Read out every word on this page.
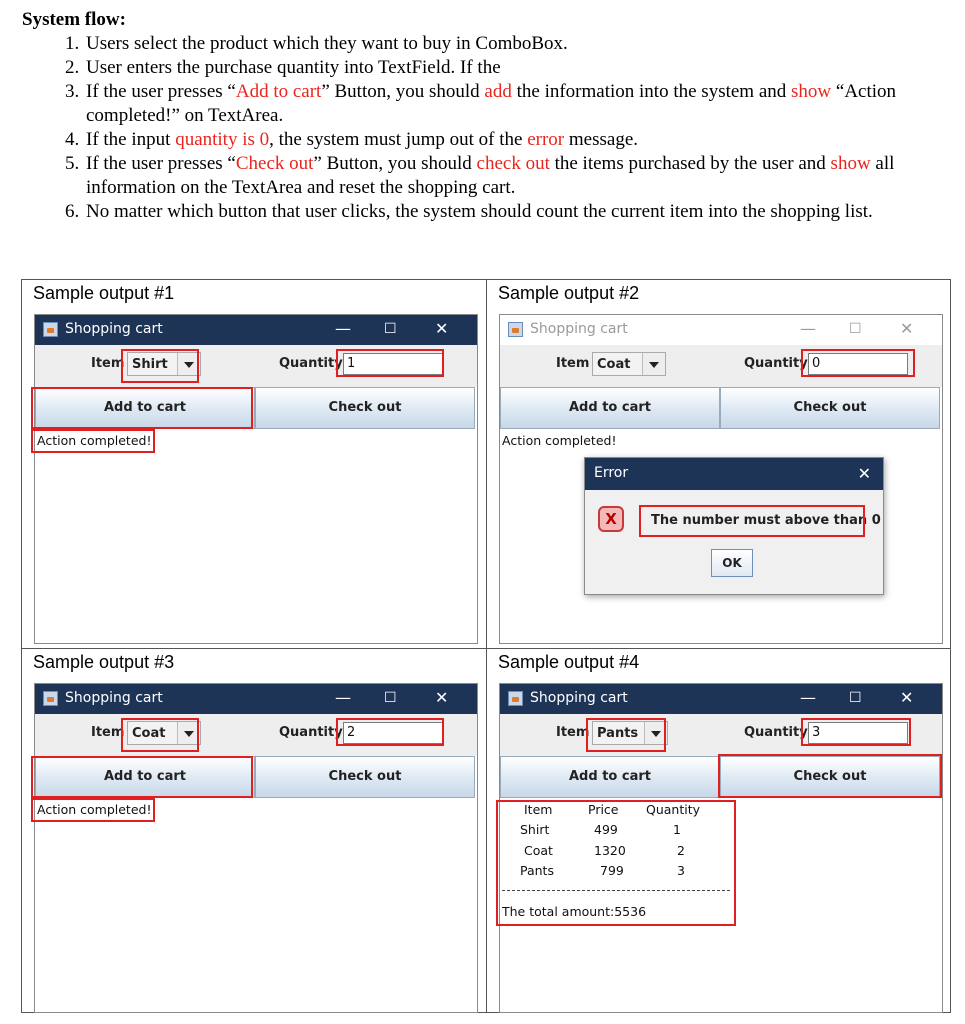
System flow:

1. Users select the product which they want to buy in ComboBox.
2. User enters the purchase quantity into TextField. If the
3. If the user presses “Add to cart” Button, you should add the information into the system and show “Action completed!” on TextArea.
4. If the input quantity is 0, the system must jump out of the error message.
5. If the user presses “Check out” Button, you should check out the items purchased by the user and show all information on the TextArea and reset the shopping cart.
6. No matter which button that user clicks, the system should count the current item into the shopping list.
Sample output #1
Shopping cart	— ☐ ✕
Item Shirt	Quantity 1
Add to cart	Check out
Action completed!
Sample output #2
Shopping cart	— ☐ ✕
Item Coat	Quantity 0
Add to cart	Check out
Action completed!
Error	✕
X	The number must above than 0
OK
Sample output #3
Shopping cart	— ☐ ✕
Item Coat	Quantity 2
Add to cart	Check out
Action completed!
Sample output #4
Shopping cart	— ☐ ✕
Item Pants	Quantity 3
Add to cart	Check out
Item	Price Quantity
Shirt	499	1
Coat	1320	2
Pants	799	3
The total amount:5536
